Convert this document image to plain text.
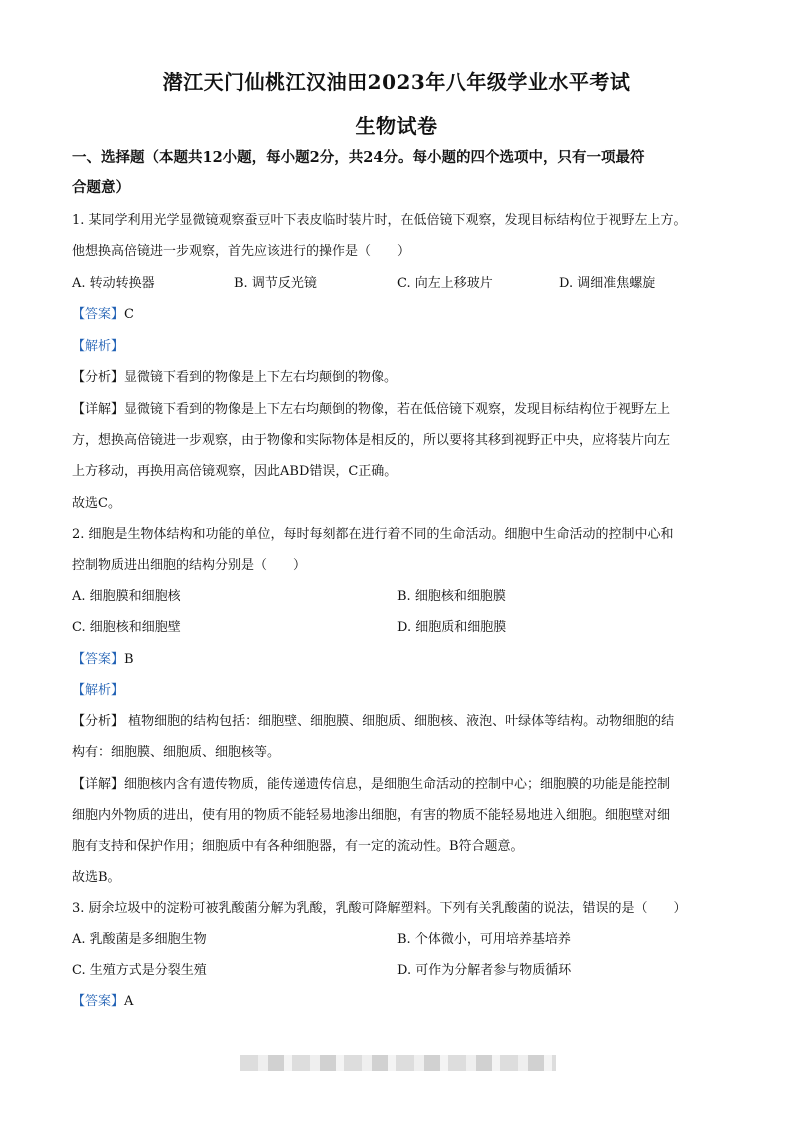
潜江天门仙桃江汉油田2023年八年级学业水平考试
生物试卷
一、选择题（本题共12小题，每小题2分，共24分。每小题的四个选项中，只有一项最符
合题意）
1. 某同学利用光学显微镜观察蚕豆叶下表皮临时装片时，在低倍镜下观察，发现目标结构位于视野左上方。
他想换高倍镜进一步观察，首先应该进行的操作是（　　）
A. 转动转换器	B. 调节反光镜	C. 向左上移玻片	D. 调细准焦螺旋
【答案】C
【解析】
【分析】显微镜下看到的物像是上下左右均颠倒的物像。
【详解】显微镜下看到的物像是上下左右均颠倒的物像，若在低倍镜下观察，发现目标结构位于视野左上
方，想换高倍镜进一步观察，由于物像和实际物体是相反的，所以要将其移到视野正中央，应将装片向左
上方移动，再换用高倍镜观察，因此ABD错误，C正确。
故选C。
2. 细胞是生物体结构和功能的单位，每时每刻都在进行着不同的生命活动。细胞中生命活动的控制中心和
控制物质进出细胞的结构分别是（　　）
A. 细胞膜和细胞核	B. 细胞核和细胞膜
C. 细胞核和细胞壁	D. 细胞质和细胞膜
【答案】B
【解析】
【分析】 植物细胞的结构包括：细胞壁、细胞膜、细胞质、细胞核、液泡、叶绿体等结构。动物细胞的结
构有：细胞膜、细胞质、细胞核等。
【详解】细胞核内含有遗传物质，能传递遗传信息，是细胞生命活动的控制中心；细胞膜的功能是能控制
细胞内外物质的进出，使有用的物质不能轻易地渗出细胞，有害的物质不能轻易地进入细胞。细胞壁对细
胞有支持和保护作用；细胞质中有各种细胞器，有一定的流动性。B符合题意。
故选B。
3. 厨余垃圾中的淀粉可被乳酸菌分解为乳酸，乳酸可降解塑料。下列有关乳酸菌的说法，错误的是（　　）
A. 乳酸菌是多细胞生物	B. 个体微小，可用培养基培养
C. 生殖方式是分裂生殖	D. 可作为分解者参与物质循环
【答案】A
